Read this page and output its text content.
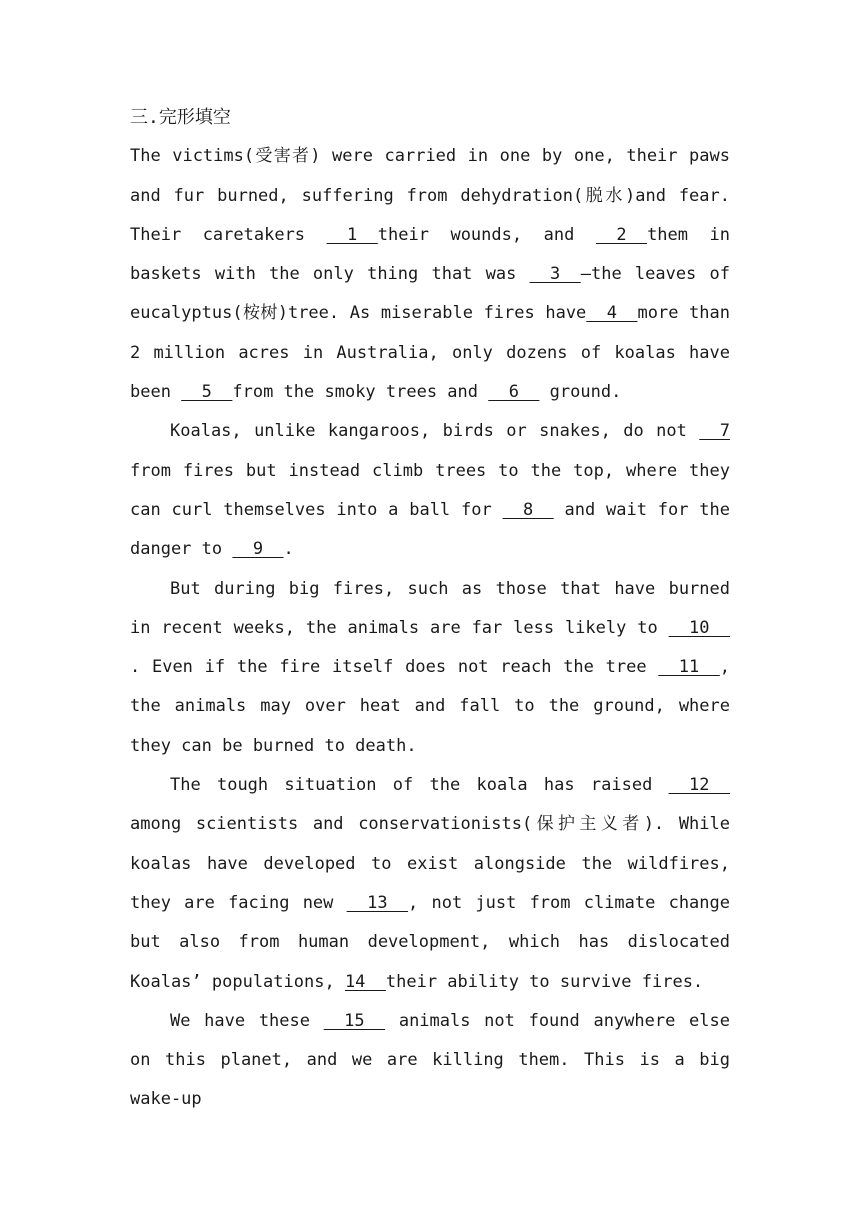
三.完形填空

The victims(受害者) were carried in one by one, their paws and fur burned, suffering from dehydration(脱水)and fear. Their caretakers   1  their wounds, and   2  them in baskets with the only thing that was   3  —the leaves of eucalyptus(桉树)tree. As miserable fires have  4  more than 2 million acres in Australia, only dozens of koalas have been   5  from the smoky trees and   6   ground.

Koalas, unlike kangaroos, birds or snakes, do not   7 from fires but instead climb trees to the top, where they can curl themselves into a ball for   8   and wait for the danger to   9  .

But during big fires, such as those that have burned in recent weeks, the animals are far less likely to   10  . Even if the fire itself does not reach the tree   11  , the animals may over heat and fall to the ground, where they can be burned to death.

The tough situation of the koala has raised   12  among scientists and conservationists(保护主义者). While koalas have developed to exist alongside the wildfires, they are facing new   13  , not just from climate change but also from human development, which has dislocated Koalas’ populations, 14  their ability to survive fires.

We have these   15   animals not found anywhere else on this planet, and we are killing them. This is a big wake-up
